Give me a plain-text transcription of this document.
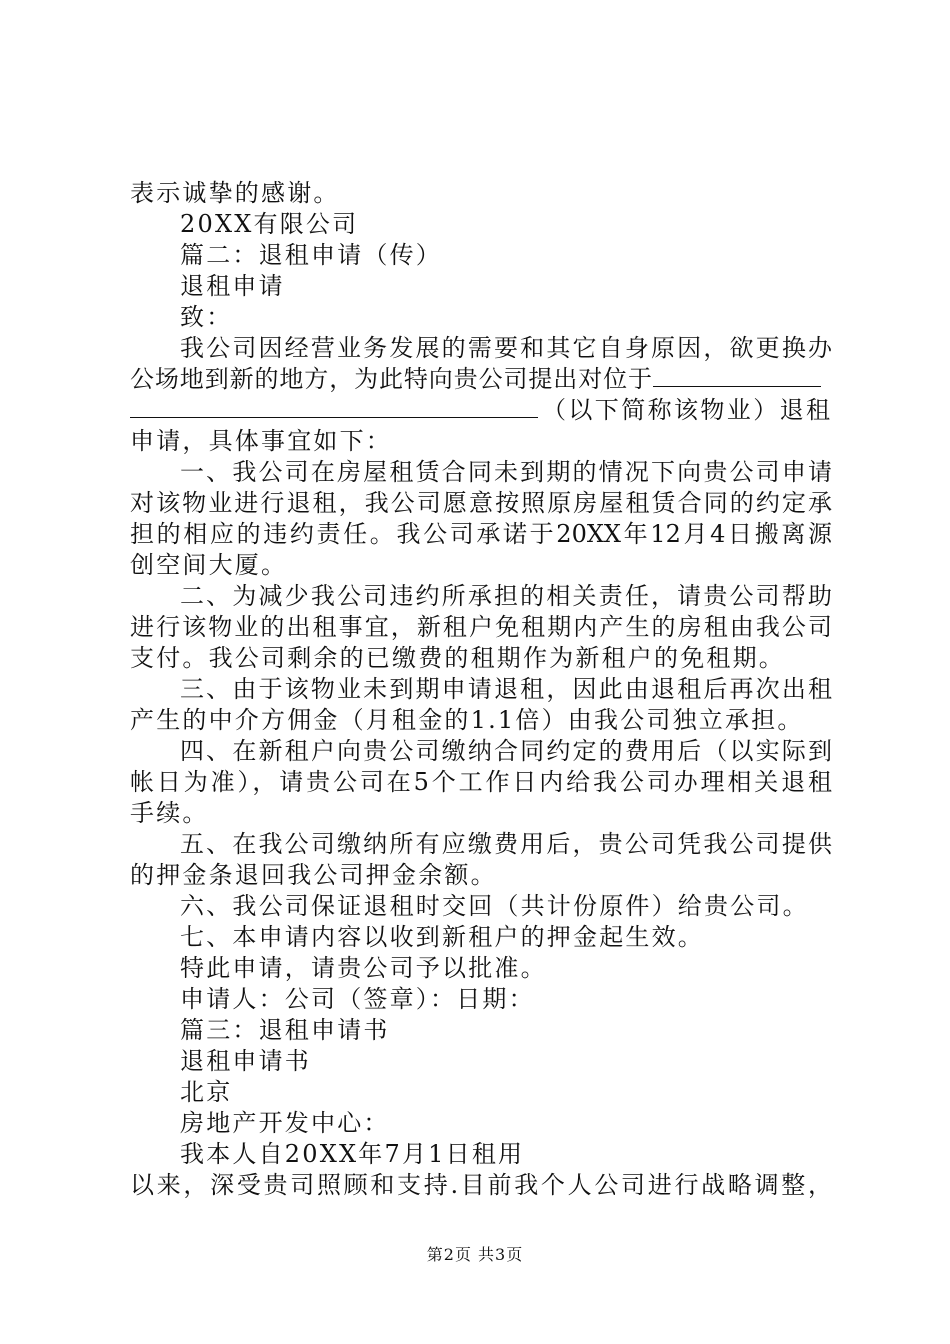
表示诚挚的感谢。
20XX有限公司
篇二：退租申请（传）
退租申请
致：
我公司因经营业务发展的需要和其它自身原因，欲更换办
公场地到新的地方，为此特向贵公司提出对位于
（以下简称该物业）退租
申请，具体事宜如下：
一、我公司在房屋租赁合同未到期的情况下向贵公司申请
对该物业进行退租，我公司愿意按照原房屋租赁合同的约定承
担的相应的违约责任。我公司承诺于20XX年12月4日搬离源
创空间大厦。
二、为减少我公司违约所承担的相关责任，请贵公司帮助
进行该物业的出租事宜，新租户免租期内产生的房租由我公司
支付。我公司剩余的已缴费的租期作为新租户的免租期。
三、由于该物业未到期申请退租，因此由退租后再次出租
产生的中介方佣金（月租金的1.1倍）由我公司独立承担。
四、在新租户向贵公司缴纳合同约定的费用后（以实际到
帐日为准），请贵公司在5个工作日内给我公司办理相关退租
手续。
五、在我公司缴纳所有应缴费用后，贵公司凭我公司提供
的押金条退回我公司押金余额。
六、我公司保证退租时交回（共计份原件）给贵公司。
七、本申请内容以收到新租户的押金起生效。
特此申请，请贵公司予以批准。
申请人：公司（签章）：日期：
篇三：退租申请书
退租申请书
北京
房地产开发中心：
我本人自20XX年7月1日租用
以来，深受贵司照顾和支持.目前我个人公司进行战略调整，
第2页 共3页
